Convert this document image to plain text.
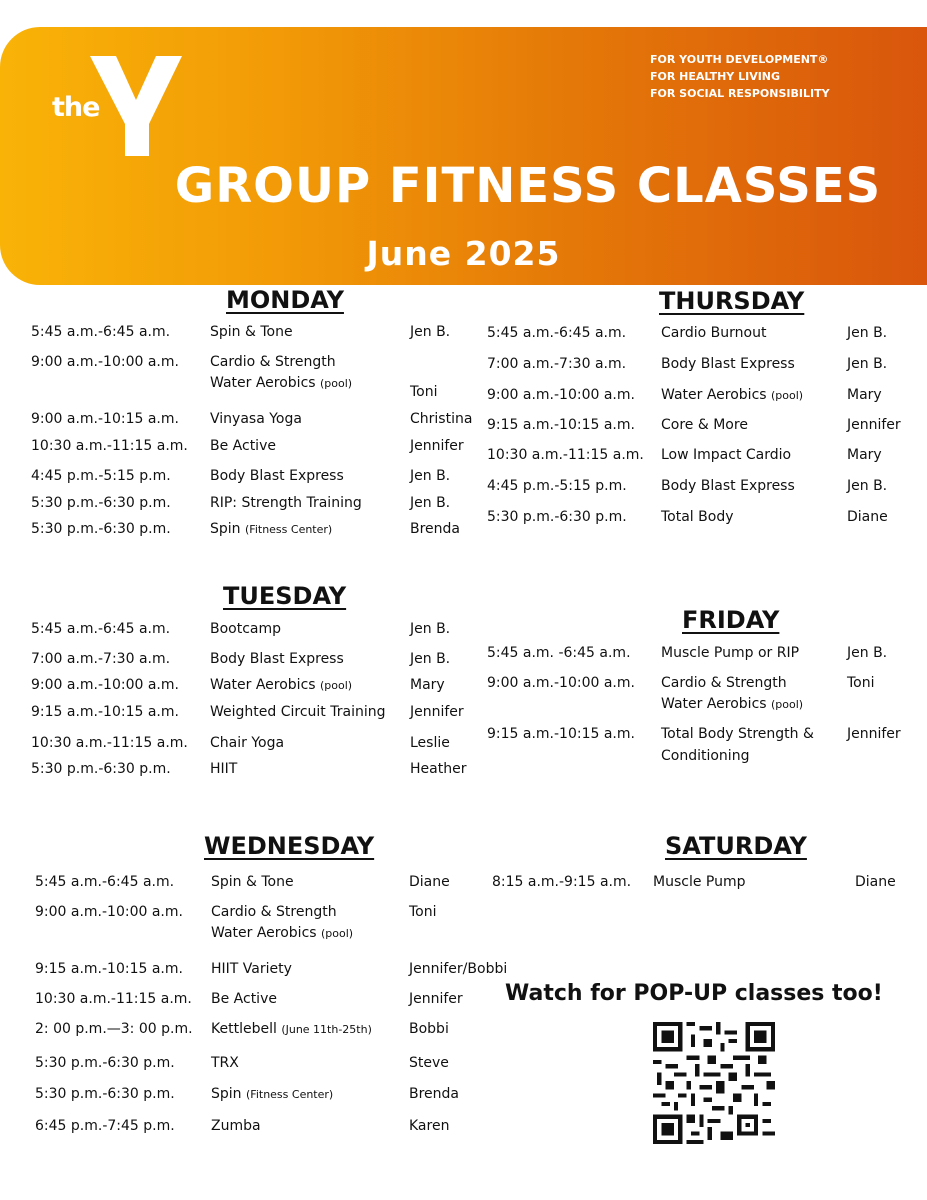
the	YMCA
FOR YOUTH DEVELOPMENT®
FOR HEALTHY LIVING
FOR SOCIAL RESPONSIBILITY
GROUP FITNESS CLASSES
June 2025
MONDAY
5:45 a.m.-6:45 a.m.	Spin & Tone	Jen B.
9:00 a.m.-10:00 a.m. Cardio & Strength
Water Aerobics (pool)
Toni
9:00 a.m.-10:15 a.m. Vinyasa Yoga	Christina
10:30 a.m.-11:15 a.m. Be Active	Jennifer
4:45 p.m.-5:15 p.m.	Body Blast Express	Jen B.
5:30 p.m.-6:30 p.m.	RIP: Strength Training	Jen B.
5:30 p.m.-6:30 p.m.	Spin (Fitness Center)	Brenda
TUESDAY
5:45 a.m.-6:45 a.m.	Bootcamp	Jen B.
7:00 a.m.-7:30 a.m.	Body Blast Express	Jen B.
9:00 a.m.-10:00 a.m. Water Aerobics (pool)	Mary
9:15 a.m.-10:15 a.m. Weighted Circuit Training Jennifer
10:30 a.m.-11:15 a.m. Chair Yoga	Leslie
5:30 p.m.-6:30 p.m.	HIIT	Heather
WEDNESDAY
5:45 a.m.-6:45 a.m.	Spin & Tone	Diane
9:00 a.m.-10:00 a.m. Cardio & Strength
Water Aerobics (pool)
Toni
9:15 a.m.-10:15 a.m. HIIT Variety	Jennifer/Bobbi
10:30 a.m.-11:15 a.m. Be Active	Jennifer
2: 00 p.m.—3: 00 p.m. Kettlebell (June 11th-25th)	Bobbi
5:30 p.m.-6:30 p.m.	TRX	Steve
5:30 p.m.-6:30 p.m.	Spin (Fitness Center)	Brenda
6:45 p.m.-7:45 p.m.	Zumba	Karen
THURSDAY
5:45 a.m.-6:45 a.m. Cardio Burnout	Jen B.
7:00 a.m.-7:30 a.m. Body Blast Express	Jen B.
9:00 a.m.-10:00 a.m. Water Aerobics (pool)	Mary
9:15 a.m.-10:15 a.m. Core & More	Jennifer
10:30 a.m.-11:15 a.m. Low Impact Cardio	Mary
4:45 p.m.-5:15 p.m. Body Blast Express	Jen B.
5:30 p.m.-6:30 p.m. Total Body	Diane
FRIDAY
5:45 a.m. -6:45 a.m. Muscle Pump or RIP	Jen B.
9:00 a.m.-10:00 a.m. Cardio & Strength
Water Aerobics (pool)
Toni
9:15 a.m.-10:15 a.m. Total Body Strength &
Conditioning
Jennifer
SATURDAY
8:15 a.m.-9:15 a.m. Muscle Pump	Diane
Watch for POP-UP classes too!
